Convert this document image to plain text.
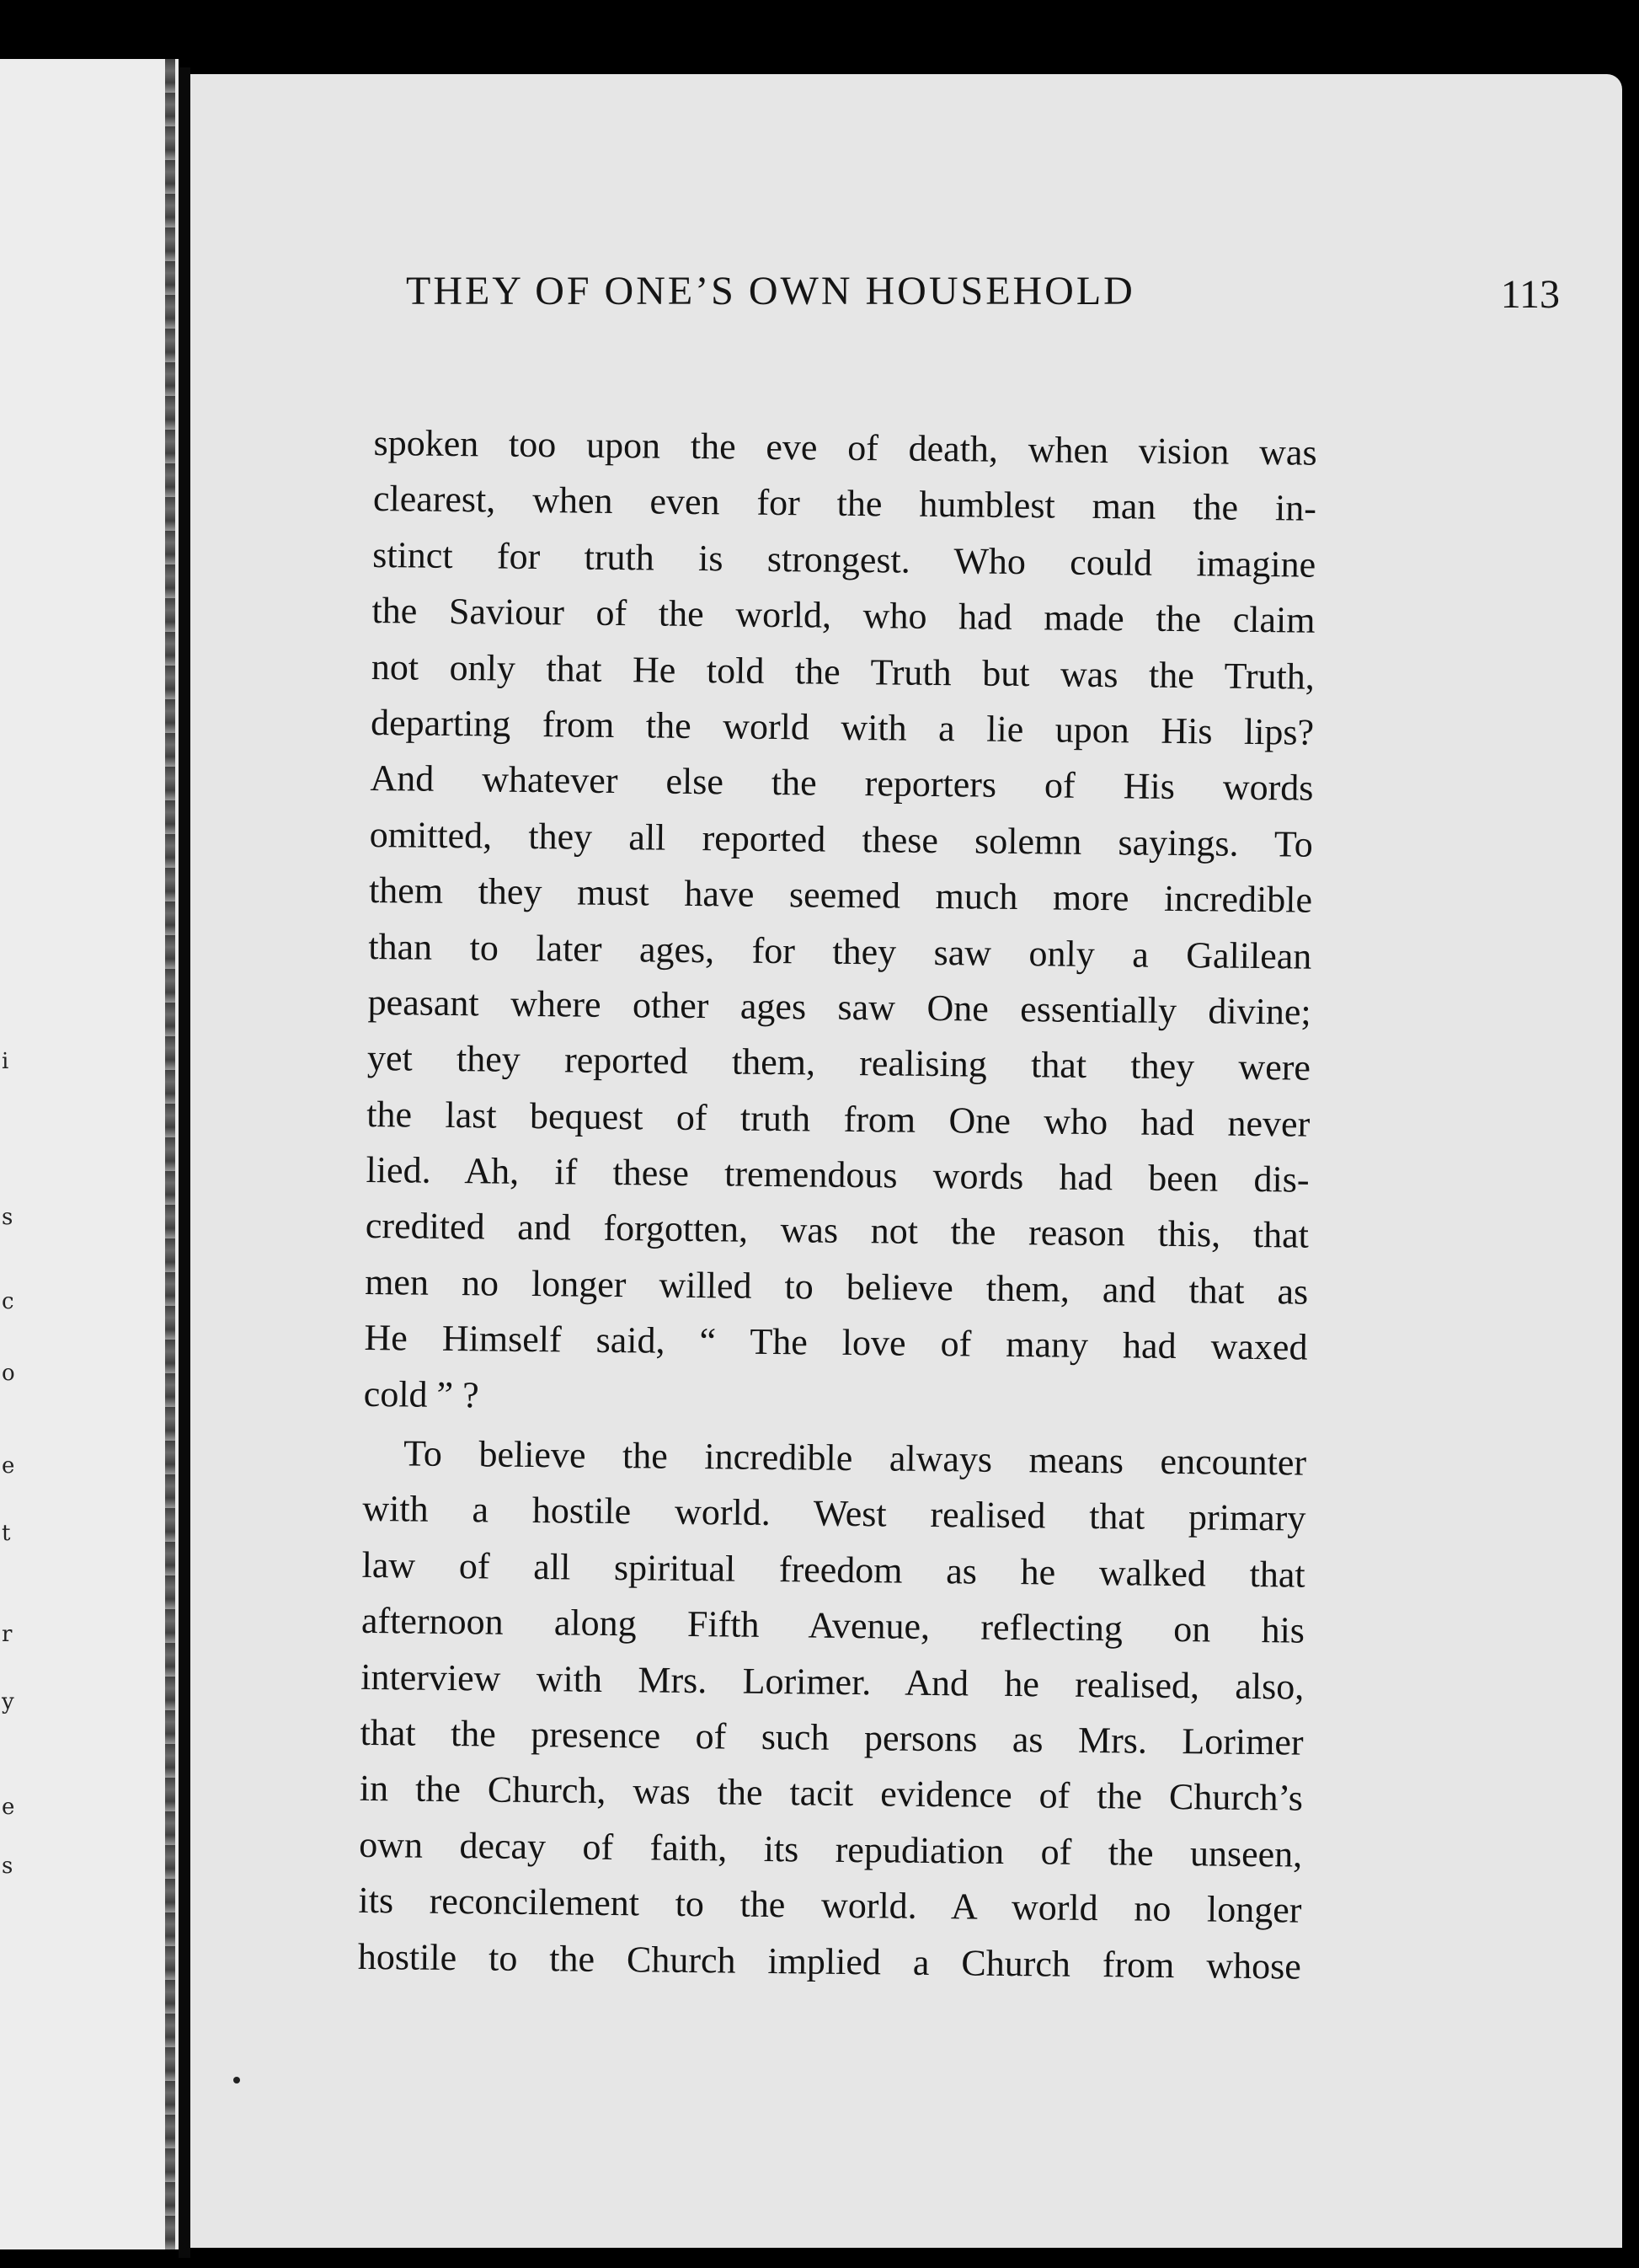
i
s
c
o
e
t
r
y
e
s
THEY OF ONE’S OWN HOUSEHOLD	113
spoken too upon the eve of death, when vision was
clearest, when even for the humblest man the in-
stinct for truth is strongest. Who could imagine
the Saviour of the world, who had made the claim
not only that He told the Truth but was the Truth,
departing from the world with a lie upon His lips?
And whatever else the reporters of His words
omitted, they all reported these solemn sayings. To
them they must have seemed much more incredible
than to later ages, for they saw only a Galilean
peasant where other ages saw One essentially divine;
yet they reported them, realising that they were
the last bequest of truth from One who had never
lied. Ah, if these tremendous words had been dis-
credited and forgotten, was not the reason this, that
men no longer willed to believe them, and that as
He Himself said, “ The love of many had waxed
cold ” ?
To believe the incredible always means encounter
with a hostile world. West realised that primary
law of all spiritual freedom as he walked that
afternoon along Fifth Avenue, reflecting on his
interview with Mrs. Lorimer. And he realised, also,
that the presence of such persons as Mrs. Lorimer
in the Church, was the tacit evidence of the Church’s
own decay of faith, its repudiation of the unseen,
its reconcilement to the world. A world no longer
hostile to the Church implied a Church from whose
